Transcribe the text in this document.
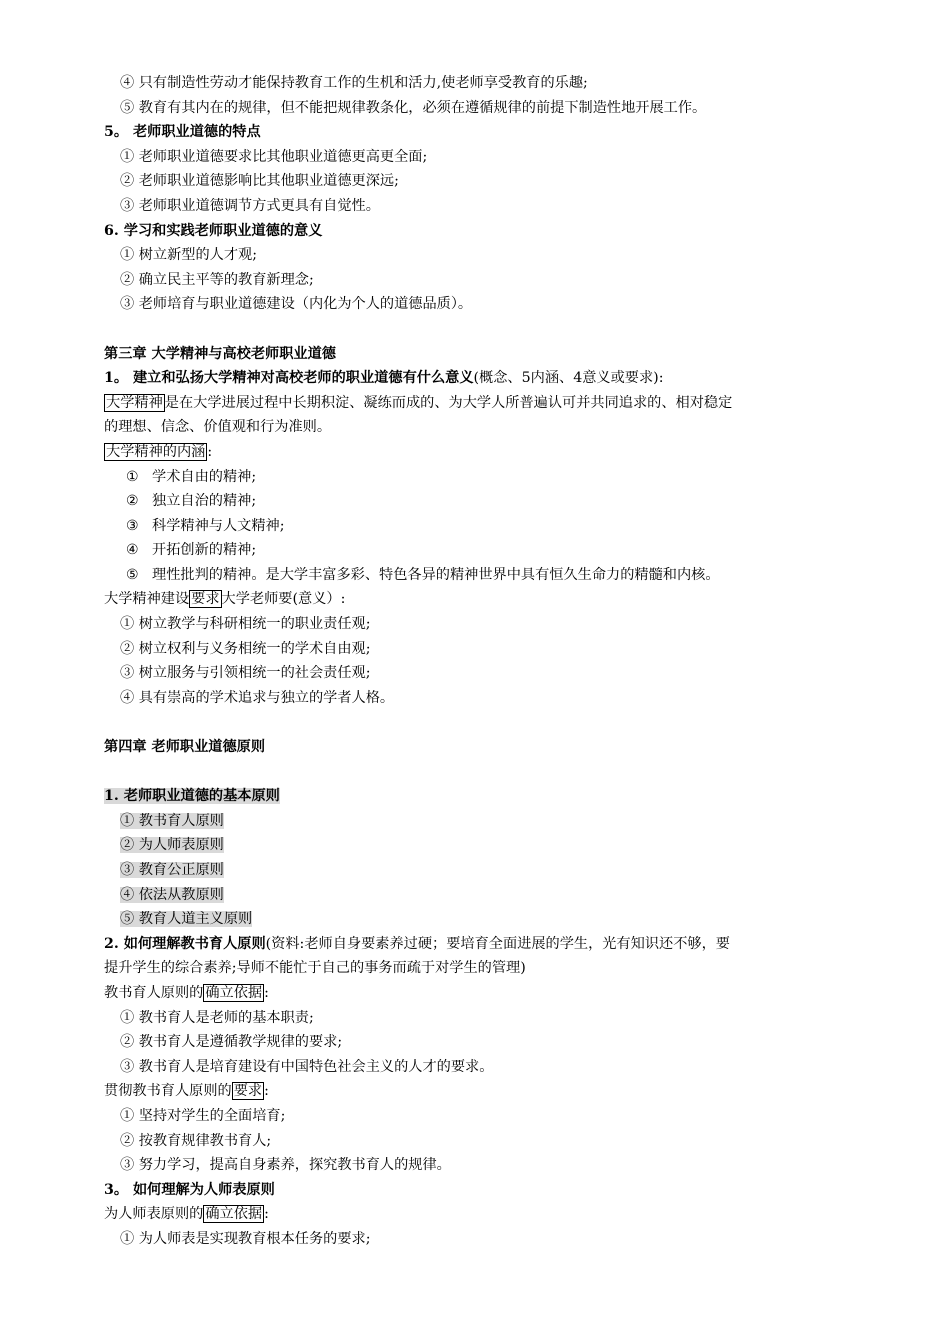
④ 只有制造性劳动才能保持教育工作的生机和活力,使老师享受教育的乐趣;
⑤ 教育有其内在的规律，但不能把规律教条化，必须在遵循规律的前提下制造性地开展工作。
5。 老师职业道德的特点
① 老师职业道德要求比其他职业道德更高更全面;
② 老师职业道德影响比其他职业道德更深远;
③ 老师职业道德调节方式更具有自觉性。
6. 学习和实践老师职业道德的意义
① 树立新型的人才观;
② 确立民主平等的教育新理念;
③ 老师培育与职业道德建设（内化为个人的道德品质）。
第三章 大学精神与高校老师职业道德
1。 建立和弘扬大学精神对高校老师的职业道德有什么意义(概念、5内涵、4意义或要求):
大学精神 是在大学进展过程中长期积淀、凝练而成的、为大学人所普遍认可并共同追求的、相对稳定
的理想、信念、价值观和行为准则。
大学精神的内涵 :
① 学术自由的精神;
② 独立自治的精神;
③ 科学精神与人文精神;
④ 开拓创新的精神;
⑤ 理性批判的精神。是大学丰富多彩、特色各异的精神世界中具有恒久生命力的精髓和内核。
大学精神建设 要求 大学老师要(意义）:
① 树立教学与科研相统一的职业责任观;
② 树立权利与义务相统一的学术自由观;
③ 树立服务与引领相统一的社会责任观;
④ 具有崇高的学术追求与独立的学者人格。
第四章 老师职业道德原则
1. 老师职业道德的基本原则
① 教书育人原则
② 为人师表原则
③ 教育公正原则
④ 依法从教原则
⑤ 教育人道主义原则
2. 如何理解教书育人原则(资料:老师自身要素养过硬；要培育全面进展的学生，光有知识还不够，要
提升学生的综合素养;导师不能忙于自己的事务而疏于对学生的管理)
教书育人原则的 确立依据 :
① 教书育人是老师的基本职责;
② 教书育人是遵循教学规律的要求;
③ 教书育人是培育建设有中国特色社会主义的人才的要求。
贯彻教书育人原则的 要求 :
① 坚持对学生的全面培育;
② 按教育规律教书育人;
③ 努力学习，提高自身素养，探究教书育人的规律。
3。 如何理解为人师表原则
为人师表原则的 确立依据 :
① 为人师表是实现教育根本任务的要求;
